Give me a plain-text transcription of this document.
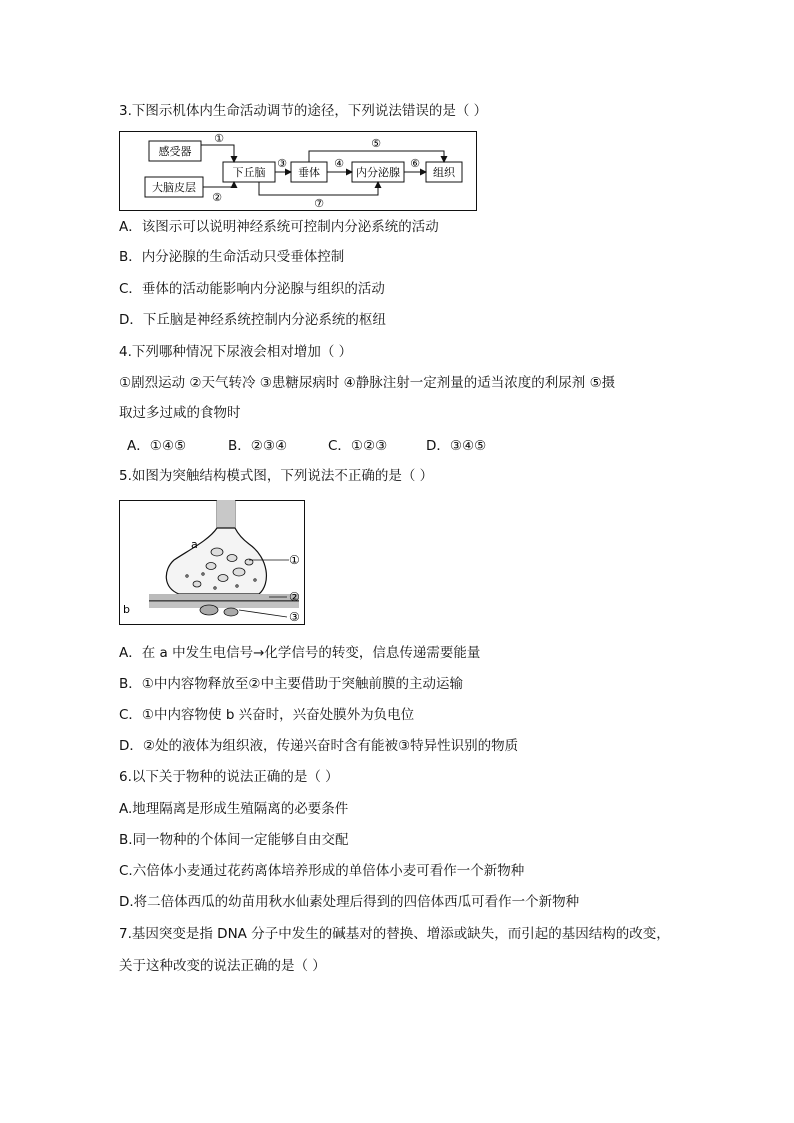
3.下图示机体内生命活动调节的途径，下列说法错误的是（ ）
感受器
大脑皮层
下丘脑	垂体	内分泌腺	组织
①
②
③	④
⑤
⑥
⑦
A．该图示可以说明神经系统可控制内分泌系统的活动
B．内分泌腺的生命活动只受垂体控制
C．垂体的活动能影响内分泌腺与组织的活动
D．下丘脑是神经系统控制内分泌系统的枢纽
4.下列哪种情况下尿液会相对增加（ ）
①剧烈运动 ②天气转冷 ③患糖尿病时 ④静脉注射一定剂量的适当浓度的利尿剂 ⑤摄
取过多过咸的食物时
A．①④⑤	B．②③④	C．①②③	D．③④⑤
5.如图为突触结构模式图，下列说法不正确的是（ ）
a
b
①
②
③
A．在 a 中发生电信号→化学信号的转变，信息传递需要能量
B．①中内容物释放至②中主要借助于突触前膜的主动运输
C．①中内容物使 b 兴奋时，兴奋处膜外为负电位
D．②处的液体为组织液，传递兴奋时含有能被③特异性识别的物质
6.以下关于物种的说法正确的是（ ）
A.地理隔离是形成生殖隔离的必要条件
B.同一物种的个体间一定能够自由交配
C.六倍体小麦通过花药离体培养形成的单倍体小麦可看作一个新物种
D.将二倍体西瓜的幼苗用秋水仙素处理后得到的四倍体西瓜可看作一个新物种
7.基因突变是指 DNA 分子中发生的碱基对的替换、增添或缺失，而引起的基因结构的改变，
关于这种改变的说法正确的是（ ）
